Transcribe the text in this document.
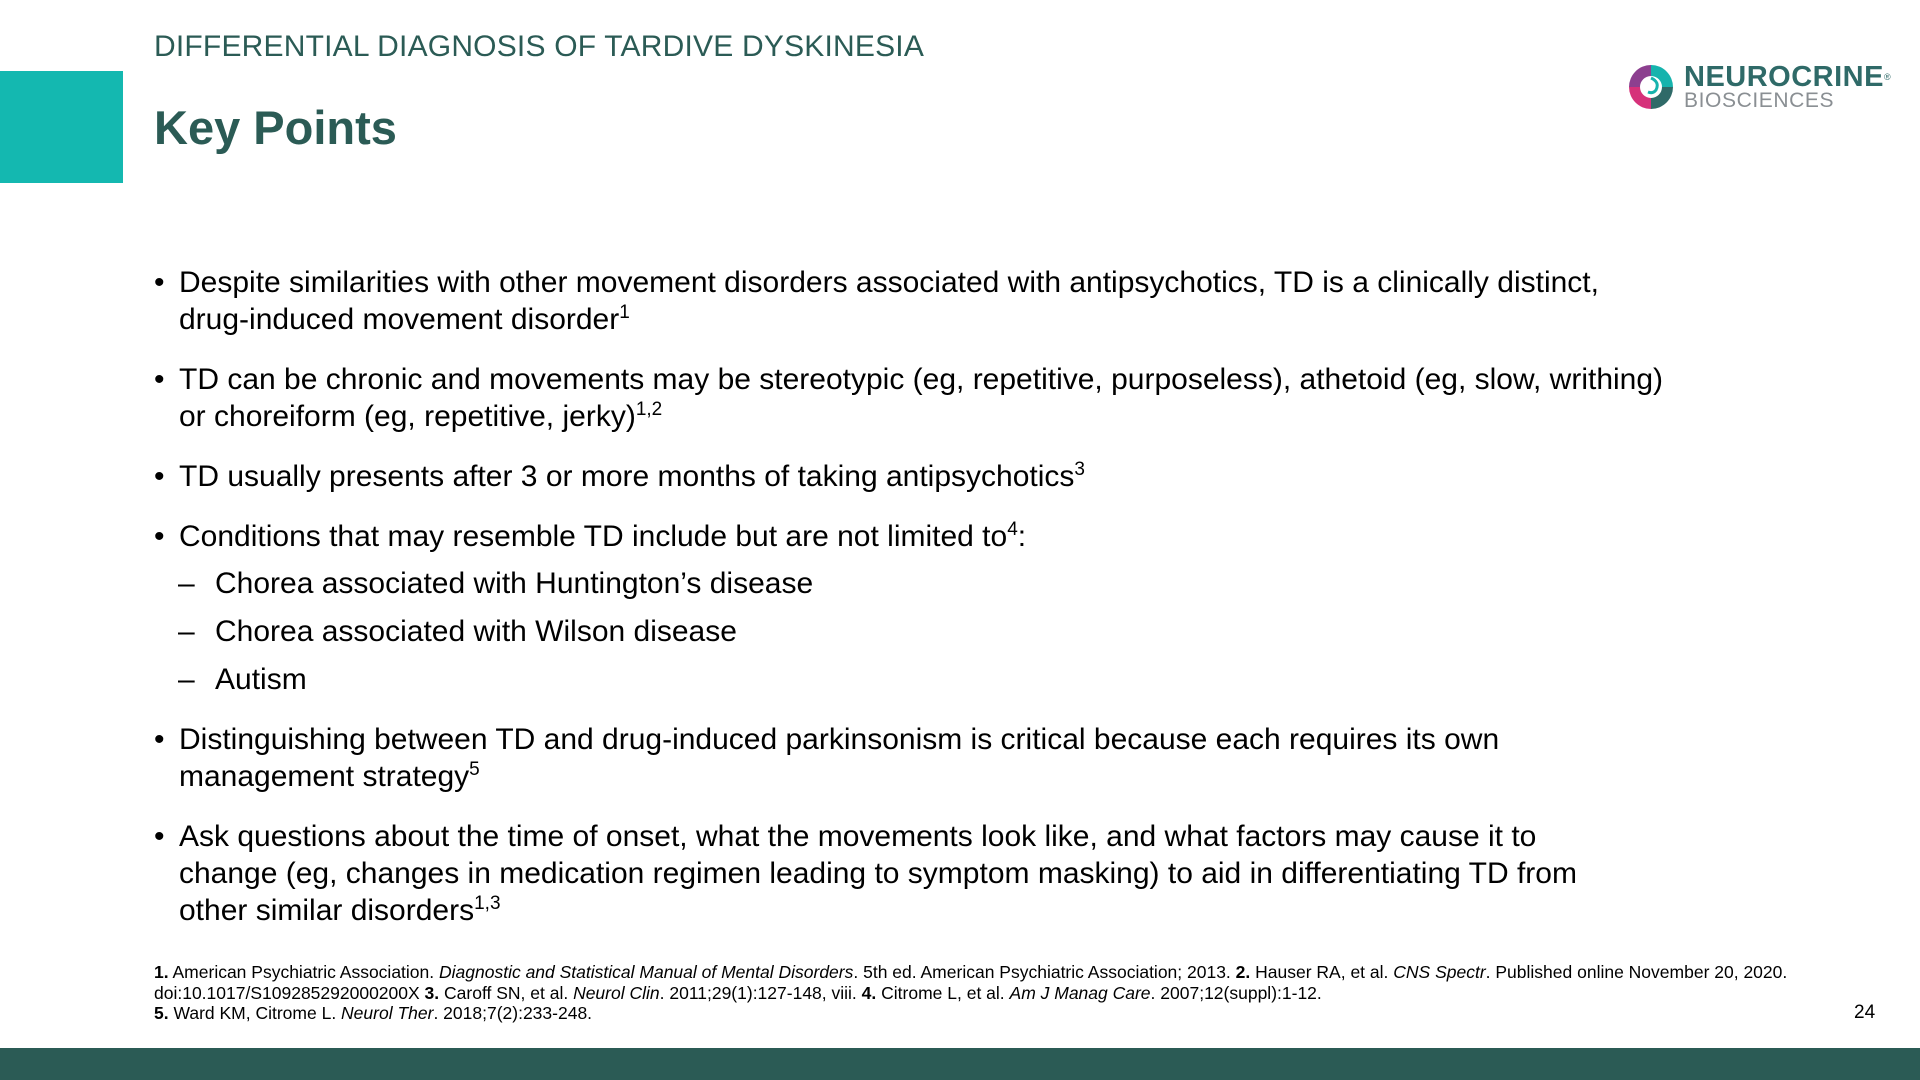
DIFFERENTIAL DIAGNOSIS OF TARDIVE DYSKINESIA
Key Points
NEUROCRINE®
BIOSCIENCES
• Despite similarities with other movement disorders associated with antipsychotics, TD is a clinically distinct,
drug-induced movement disorder$^1$
• TD can be chronic and movements may be stereotypic (eg, repetitive, purposeless), athetoid (eg, slow, writhing)
or choreiform (eg, repetitive, jerky)$^{1,2}$
• TD usually presents after 3 or more months of taking antipsychotics$^3$
• Conditions that may resemble TD include but are not limited $to^4$:
– Chorea associated with Huntington’s disease
– Chorea associated with Wilson disease
– Autism
• Distinguishing between TD and drug-induced parkinsonism is critical because each requires its own
management strategy$^5$
• Ask questions about the time of onset, what the movements look like, and what factors may cause it to
change (eg, changes in medication regimen leading to symptom masking) to aid in differentiating TD from
other similar disorders$^{1,3}$
1. American Psychiatric Association. Diagnostic and Statistical Manual of Mental Disorders. 5th ed. American Psychiatric Association; 2013. 2. Hauser RA, et al. CNS Spectr. Published online November 20, 2020. doi:10.1017/S109285292000200X 3. Caroff SN, et al. Neurol Clin. 2011;29(1):127-148, viii. 4. Citrome L, et al. Am J Manag Care. 2007;12(suppl):1-12.
5. Ward KM, Citrome L. Neurol Ther. 2018;7(2):233-248.	24
